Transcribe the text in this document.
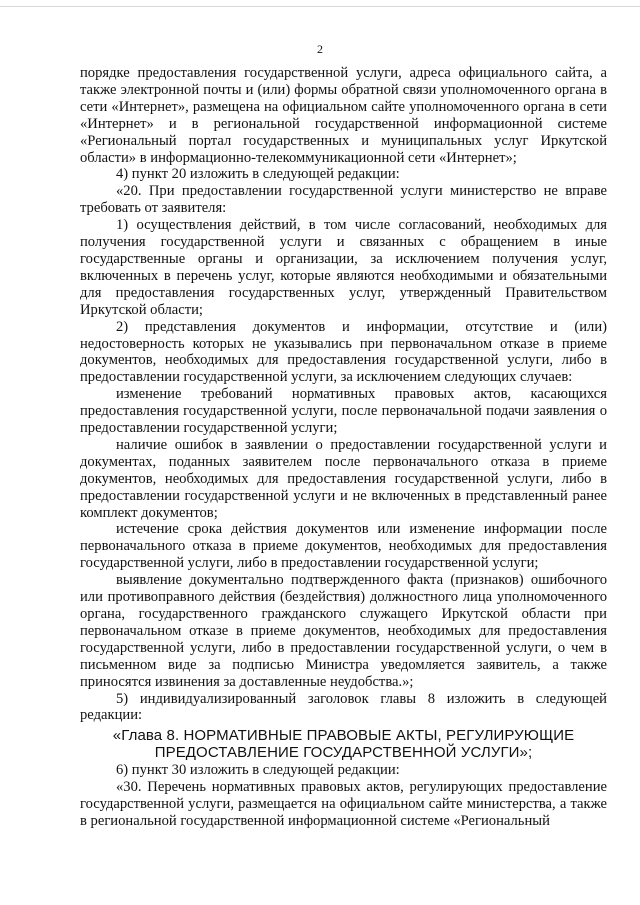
2

порядке предоставления государственной услуги, адреса официального сайта, а также электронной почты и (или) формы обратной связи уполномоченного органа в сети «Интернет», размещена на официальном сайте уполномоченного органа в сети «Интернет» и в региональной государственной информационной системе «Региональный портал государственных и муниципальных услуг Иркутской области» в информационно-телекоммуникационной сети «Интернет»;

4) пункт 20 изложить в следующей редакции:

«20. При предоставлении государственной услуги министерство не вправе требовать от заявителя:

1) осуществления действий, в том числе согласований, необходимых для получения государственной услуги и связанных с обращением в иные государственные органы и организации, за исключением получения услуг, включенных в перечень услуг, которые являются необходимыми и обязательными для предоставления государственных услуг, утвержденный Правительством Иркутской области;

2) представления документов и информации, отсутствие и (или) недостоверность которых не указывались при первоначальном отказе в приеме документов, необходимых для предоставления государственной услуги, либо в предоставлении государственной услуги, за исключением следующих случаев:

изменение требований нормативных правовых актов, касающихся предоставления государственной услуги, после первоначальной подачи заявления о предоставлении государственной услуги;

наличие ошибок в заявлении о предоставлении государственной услуги и документах, поданных заявителем после первоначального отказа в приеме документов, необходимых для предоставления государственной услуги, либо в предоставлении государственной услуги и не включенных в представленный ранее комплект документов;

истечение срока действия документов или изменение информации после первоначального отказа в приеме документов, необходимых для предоставления государственной услуги, либо в предоставлении государственной услуги;

выявление документально подтвержденного факта (признаков) ошибочного или противоправного действия (бездействия) должностного лица уполномоченного органа, государственного гражданского служащего Иркутской области при первоначальном отказе в приеме документов, необходимых для предоставления государственной услуги, либо в предоставлении государственной услуги, о чем в письменном виде за подписью Министра уведомляется заявитель, а также приносятся извинения за доставленные неудобства.»;

5) индивидуализированный заголовок главы 8 изложить в следующей редакции:

«Глава 8. НОРМАТИВНЫЕ ПРАВОВЫЕ АКТЫ, РЕГУЛИРУЮЩИЕ
ПРЕДОСТАВЛЕНИЕ ГОСУДАРСТВЕННОЙ УСЛУГИ»;

6) пункт 30 изложить в следующей редакции:

«30. Перечень нормативных правовых актов, регулирующих предоставление государственной услуги, размещается на официальном сайте министерства, а также в региональной государственной информационной системе «Региональный
